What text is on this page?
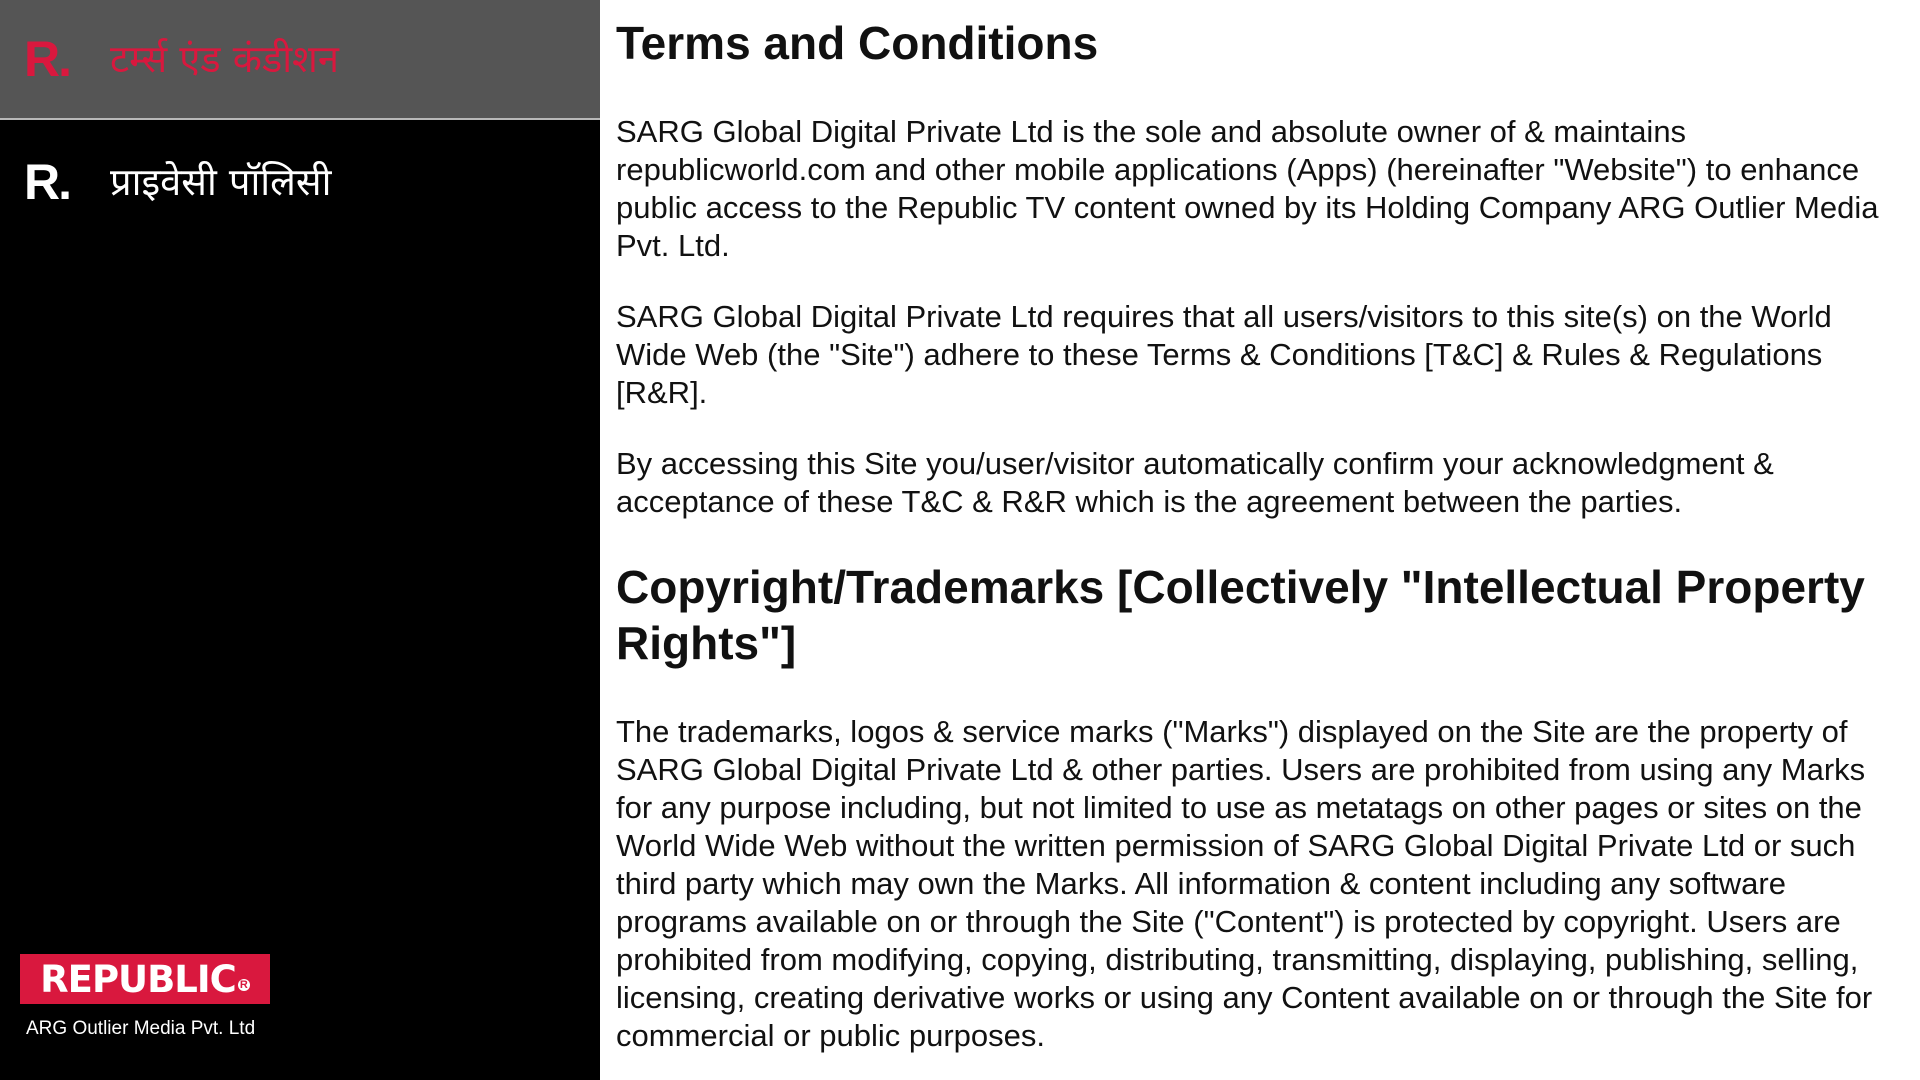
R. टर्म्स एंड कंडीशन
R. प्राइवेसी पॉलिसी
REPUBLIC R
ARG Outlier Media Pvt. Ltd
Terms and Conditions

SARG Global Digital Private Ltd is the sole and absolute owner of & maintains republicworld.com and other mobile applications (Apps) (hereinafter "Website") to enhance public access to the Republic TV content owned by its Holding Company ARG Outlier Media Pvt. Ltd.

SARG Global Digital Private Ltd requires that all users/visitors to this site(s) on the World Wide Web (the "Site") adhere to these Terms & Conditions [T&C] & Rules & Regulations [R&R].

By accessing this Site you/user/visitor automatically confirm your acknowledgment & acceptance of these T&C & R&R which is the agreement between the parties.

Copyright/Trademarks [Collectively "Intellectual Property Rights"]

The trademarks, logos & service marks ("Marks") displayed on the Site are the property of SARG Global Digital Private Ltd & other parties. Users are prohibited from using any Marks for any purpose including, but not limited to use as metatags on other pages or sites on the World Wide Web without the written permission of SARG Global Digital Private Ltd or such third party which may own the Marks. All information & content including any software programs available on or through the Site ("Content") is protected by copyright. Users are prohibited from modifying, copying, distributing, transmitting, displaying, publishing, selling, licensing, creating derivative works or using any Content available on or through the Site for commercial or public purposes.
